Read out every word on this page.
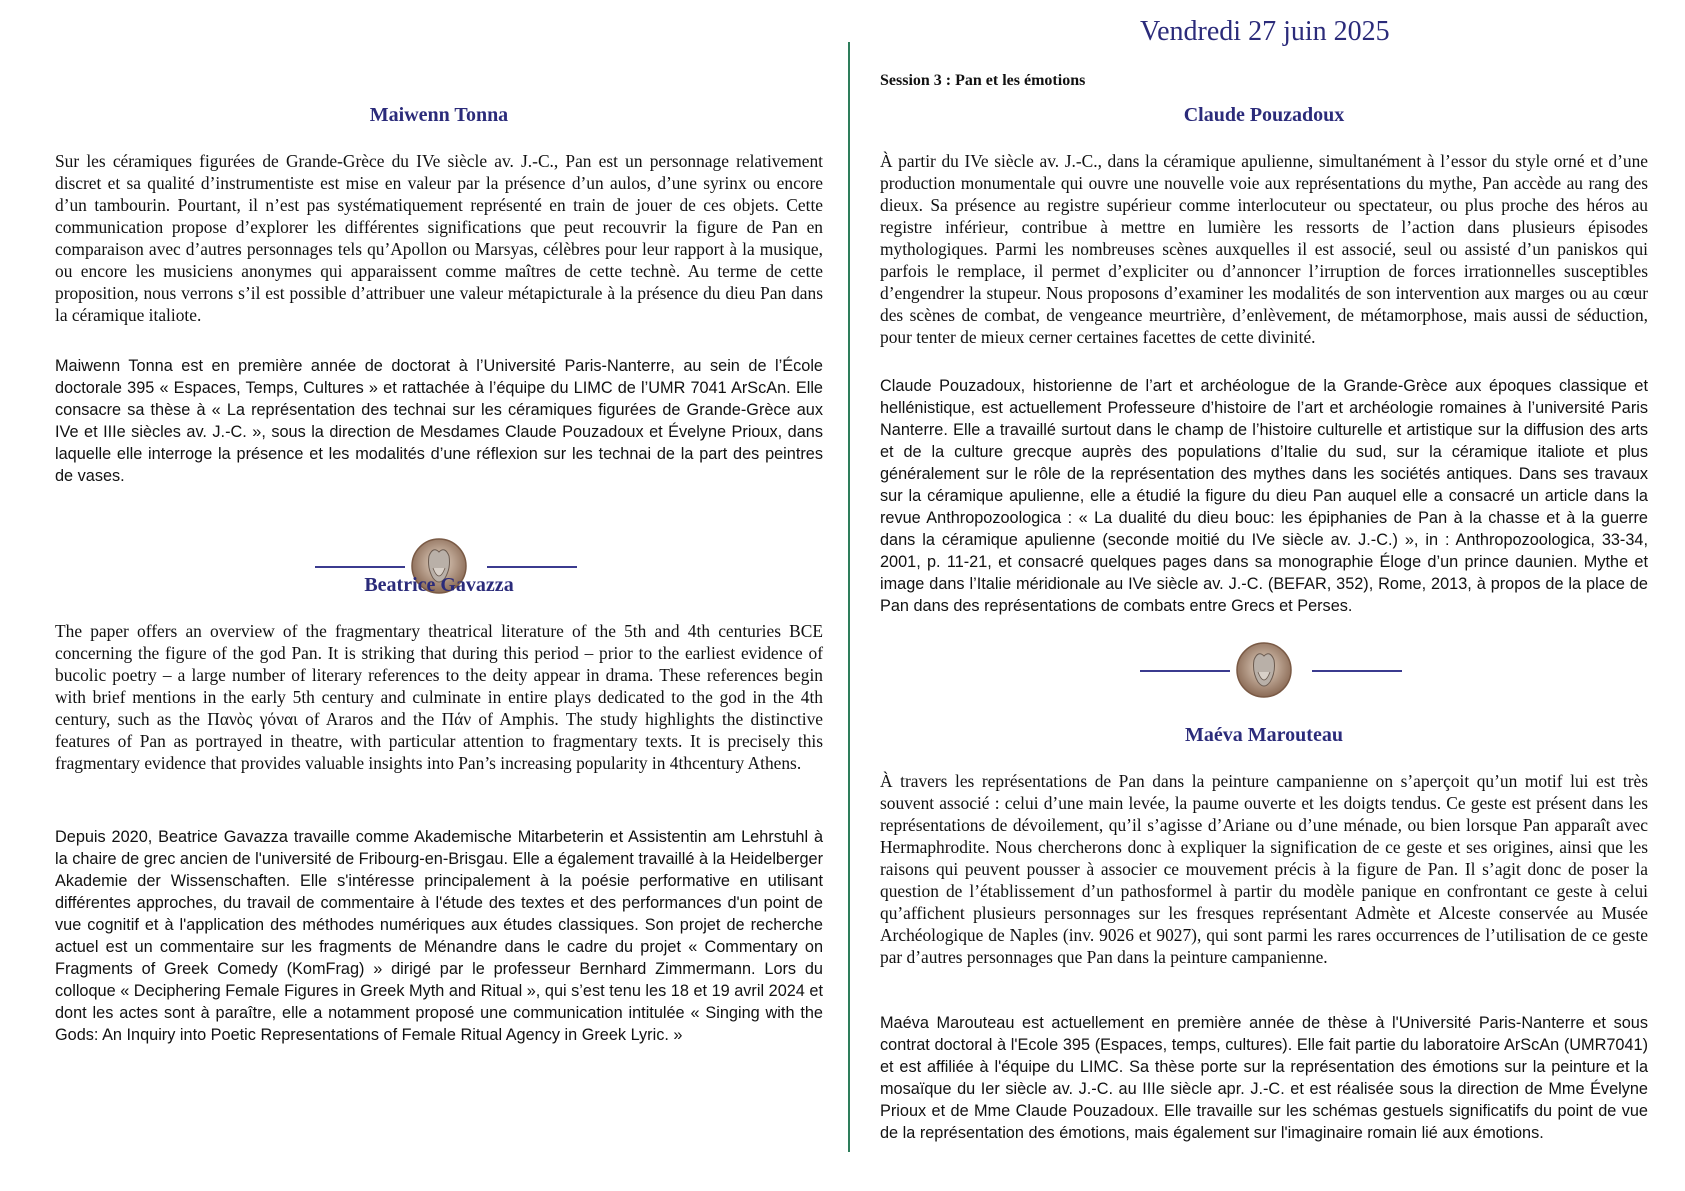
Vendredi 27 juin 2025
Maiwenn Tonna

Sur les céramiques figurées de Grande-Grèce du IVe siècle av. J.-C., Pan est un personnage relativement discret et sa qualité d’instrumentiste est mise en valeur par la présence d’un aulos, d’une syrinx ou encore d’un tambourin. Pourtant, il n’est pas systématiquement représenté en train de jouer de ces objets. Cette communication propose d’explorer les différentes significations que peut recouvrir la figure de Pan en comparaison avec d’autres personnages tels qu’Apollon ou Marsyas, célèbres pour leur rapport à la musique, ou encore les musiciens anonymes qui apparaissent comme maîtres de cette technè. Au terme de cette proposition, nous verrons s’il est possible d’attribuer une valeur métapicturale à la présence du dieu Pan dans la céramique italiote.

Maiwenn Tonna est en première année de doctorat à l’Université Paris-Nanterre, au sein de l’École doctorale 395 « Espaces, Temps, Cultures » et rattachée à l’équipe du LIMC de l’UMR 7041 ArScAn. Elle consacre sa thèse à « La représentation des technai sur les céramiques figurées de Grande-Grèce aux IVe et IIIe siècles av. J.-C. », sous la direction de Mesdames Claude Pouzadoux et Évelyne Prioux, dans laquelle elle interroge la présence et les modalités d’une réflexion sur les technai de la part des peintres de vases.

Beatrice Gavazza

The paper offers an overview of the fragmentary theatrical literature of the 5th and 4th centuries BCE concerning the figure of the god Pan. It is striking that during this period – prior to the earliest evidence of bucolic poetry – a large number of literary references to the deity appear in drama. These references begin with brief mentions in the early 5th century and culminate in entire plays dedicated to the god in the 4th century, such as the Πανὸς γόναι of Araros and the Πάν of Amphis. The study highlights the distinctive features of Pan as portrayed in theatre, with particular attention to fragmentary texts. It is precisely this fragmentary evidence that provides valuable insights into Pan’s increasing popularity in 4thcentury Athens.

Depuis 2020, Beatrice Gavazza travaille comme Akademische Mitarbeterin et Assistentin am Lehrstuhl à la chaire de grec ancien de l'université de Fribourg-en-Brisgau. Elle a également travaillé à la Heidelberger Akademie der Wissenschaften. Elle s'intéresse principalement à la poésie performative en utilisant différentes approches, du travail de commentaire à l'étude des textes et des performances d'un point de vue cognitif et à l'application des méthodes numériques aux études classiques. Son projet de recherche actuel est un commentaire sur les fragments de Ménandre dans le cadre du projet « Commentary on Fragments of Greek Comedy (KomFrag) » dirigé par le professeur Bernhard Zimmermann. Lors du colloque « Deciphering Female Figures in Greek Myth and Ritual », qui s’est tenu les 18 et 19 avril 2024 et dont les actes sont à paraître, elle a notamment proposé une communication intitulée « Singing with the Gods: An Inquiry into Poetic Representations of Female Ritual Agency in Greek Lyric. »

Session 3 : Pan et les émotions
Claude Pouzadoux

À partir du IVe siècle av. J.-C., dans la céramique apulienne, simultanément à l’essor du style orné et d’une production monumentale qui ouvre une nouvelle voie aux représentations du mythe, Pan accède au rang des dieux. Sa présence au registre supérieur comme interlocuteur ou spectateur, ou plus proche des héros au registre inférieur, contribue à mettre en lumière les ressorts de l’action dans plusieurs épisodes mythologiques. Parmi les nombreuses scènes auxquelles il est associé, seul ou assisté d’un paniskos qui parfois le remplace, il permet d’expliciter ou d’annoncer l’irruption de forces irrationnelles susceptibles d’engendrer la stupeur. Nous proposons d’examiner les modalités de son intervention aux marges ou au cœur des scènes de combat, de vengeance meurtrière, d’enlèvement, de métamorphose, mais aussi de séduction, pour tenter de mieux cerner certaines facettes de cette divinité.

Claude Pouzadoux, historienne de l’art et archéologue de la Grande-Grèce aux époques classique et hellénistique, est actuellement Professeure d’histoire de l’art et archéologie romaines à l’université Paris Nanterre. Elle a travaillé surtout dans le champ de l’histoire culturelle et artistique sur la diffusion des arts et de la culture grecque auprès des populations d’Italie du sud, sur la céramique italiote et plus généralement sur le rôle de la représentation des mythes dans les sociétés antiques. Dans ses travaux sur la céramique apulienne, elle a étudié la figure du dieu Pan auquel elle a consacré un article dans la revue Anthropozoologica : « La dualité du dieu bouc: les épiphanies de Pan à la chasse et à la guerre dans la céramique apulienne (seconde moitié du IVe siècle av. J.-C.) », in : Anthropozoologica, 33-34, 2001, p. 11-21, et consacré quelques pages dans sa monographie Éloge d’un prince daunien. Mythe et image dans l’Italie méridionale au IVe siècle av. J.-C. (BEFAR, 352), Rome, 2013, à propos de la place de Pan dans des représentations de combats entre Grecs et Perses.

Maéva Marouteau

À travers les représentations de Pan dans la peinture campanienne on s’aperçoit qu’un motif lui est très souvent associé : celui d’une main levée, la paume ouverte et les doigts tendus. Ce geste est présent dans les représentations de dévoilement, qu’il s’agisse d’Ariane ou d’une ménade, ou bien lorsque Pan apparaît avec Hermaphrodite. Nous chercherons donc à expliquer la signification de ce geste et ses origines, ainsi que les raisons qui peuvent pousser à associer ce mouvement précis à la figure de Pan. Il s’agit donc de poser la question de l’établissement d’un pathosformel à partir du modèle panique en confrontant ce geste à celui qu’affichent plusieurs personnages sur les fresques représentant Admète et Alceste conservée au Musée Archéologique de Naples (inv. 9026 et 9027), qui sont parmi les rares occurrences de l’utilisation de ce geste par d’autres personnages que Pan dans la peinture campanienne.

Maéva Marouteau est actuellement en première année de thèse à l'Université Paris-Nanterre et sous contrat doctoral à l'Ecole 395 (Espaces, temps, cultures). Elle fait partie du laboratoire ArScAn (UMR7041) et est affiliée à l'équipe du LIMC. Sa thèse porte sur la représentation des émotions sur la peinture et la mosaïque du Ier siècle av. J.-C. au IIIe siècle apr. J.-C. et est réalisée sous la direction de Mme Évelyne Prioux et de Mme Claude Pouzadoux. Elle travaille sur les schémas gestuels significatifs du point de vue de la représentation des émotions, mais également sur l'imaginaire romain lié aux émotions.
